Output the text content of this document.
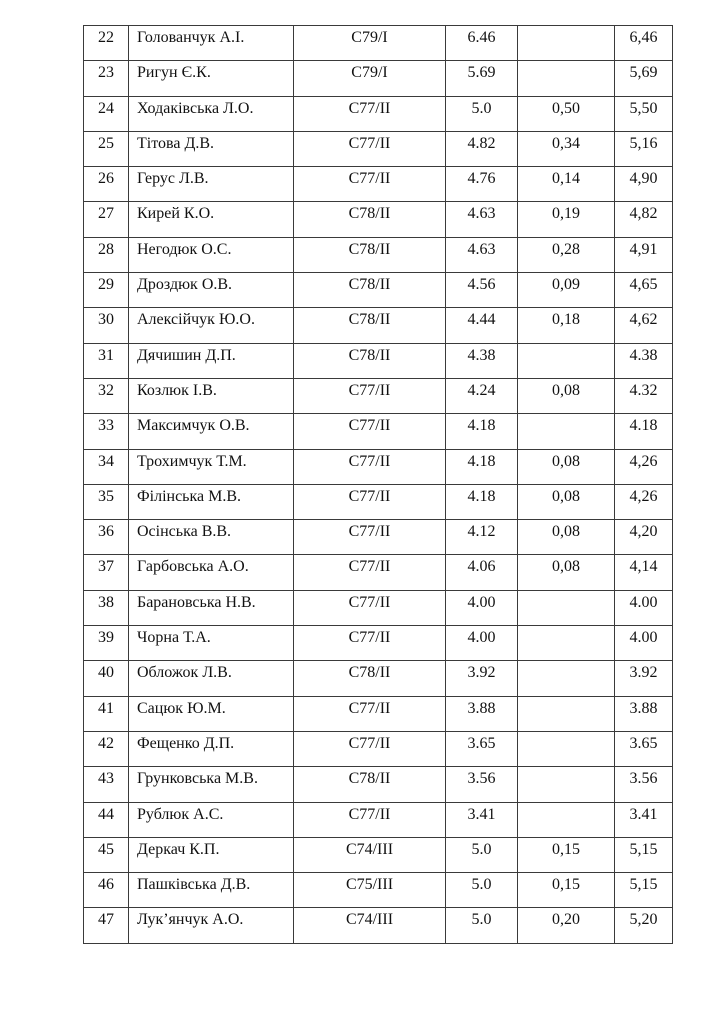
22	Голованчук А.І.	С79/І	6.46		6,46
23	Ригун Є.К.	С79/І	5.69		5,69
24	Ходаківська Л.О.	С77/ІІ	5.0	0,50	5,50
25	Тітова Д.В.	С77/ІІ	4.82	0,34	5,16
26	Герус Л.В.	С77/ІІ	4.76	0,14	4,90
27	Кирей К.О.	С78/ІІ	4.63	0,19	4,82
28	Негодюк О.С.	С78/ІІ	4.63	0,28	4,91
29	Дроздюк О.В.	С78/ІІ	4.56	0,09	4,65
30	Алексійчук Ю.О.	С78/ІІ	4.44	0,18	4,62
31	Дячишин Д.П.	С78/ІІ	4.38		4.38
32	Козлюк І.В.	С77/ІІ	4.24	0,08	4.32
33	Максимчук О.В.	С77/ІІ	4.18		4.18
34	Трохимчук Т.М.	С77/ІІ	4.18	0,08	4,26
35	Філінська М.В.	С77/ІІ	4.18	0,08	4,26
36	Осінська В.В.	С77/ІІ	4.12	0,08	4,20
37	Гарбовська А.О.	С77/ІІ	4.06	0,08	4,14
38	Барановська Н.В.	С77/ІІ	4.00		4.00
39	Чорна Т.А.	С77/ІІ	4.00		4.00
40	Обложок Л.В.	С78/ІІ	3.92		3.92
41	Сацюк Ю.М.	С77/ІІ	3.88		3.88
42	Фещенко Д.П.	С77/ІІ	3.65		3.65
43	Грунковська М.В.	С78/ІІ	3.56		3.56
44	Рублюк А.С.	С77/ІІ	3.41		3.41
45	Деркач К.П.	С74/ІІІ	5.0	0,15	5,15
46	Пашківська Д.В.	С75/ІІІ	5.0	0,15	5,15
47	Лук’янчук А.О.	С74/ІІІ	5.0	0,20	5,20
